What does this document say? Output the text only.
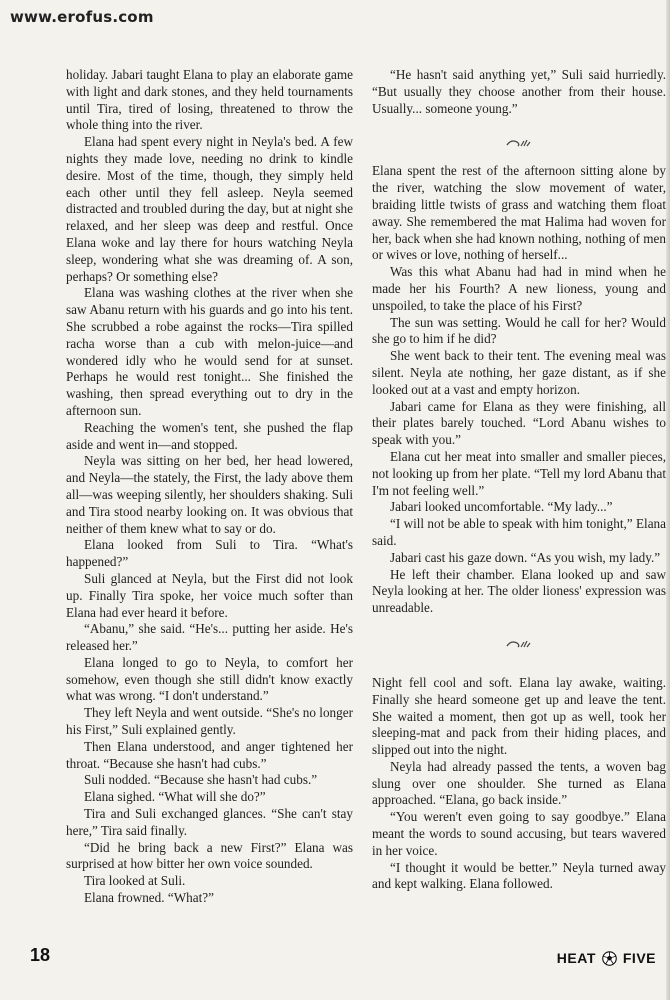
www.erofus.com

holiday. Jabari taught Elana to play an elaborate game with light and dark stones, and they held tournaments until Tira, tired of losing, threatened to throw the whole thing into the river.

Elana had spent every night in Neyla's bed. A few nights they made love, needing no drink to kindle desire. Most of the time, though, they simply held each other until they fell asleep. Neyla seemed distracted and troubled during the day, but at night she relaxed, and her sleep was deep and restful. Once Elana woke and lay there for hours watching Neyla sleep, wondering what she was dreaming of. A son, perhaps? Or something else?

Elana was washing clothes at the river when she saw Abanu return with his guards and go into his tent. She scrubbed a robe against the rocks—Tira spilled racha worse than a cub with melon-juice—and wondered idly who he would send for at sunset. Perhaps he would rest tonight... She finished the washing, then spread everything out to dry in the afternoon sun.

Reaching the women's tent, she pushed the flap aside and went in—and stopped.

Neyla was sitting on her bed, her head lowered, and Neyla—the stately, the First, the lady above them all—was weeping silently, her shoulders shaking. Suli and Tira stood nearby looking on. It was obvious that neither of them knew what to say or do.

Elana looked from Suli to Tira. “What's happened?”

Suli glanced at Neyla, but the First did not look up. Finally Tira spoke, her voice much softer than Elana had ever heard it before.

“Abanu,” she said. “He's... putting her aside. He's released her.”

Elana longed to go to Neyla, to comfort her somehow, even though she still didn't know exactly what was wrong. “I don't understand.”

They left Neyla and went outside. “She's no longer his First,” Suli explained gently.

Then Elana understood, and anger tightened her throat. “Because she hasn't had cubs.”

Suli nodded. “Because she hasn't had cubs.”

Elana sighed. “What will she do?”

Tira and Suli exchanged glances. “She can't stay here,” Tira said finally.

“Did he bring back a new First?” Elana was surprised at how bitter her own voice sounded.

Tira looked at Suli.

Elana frowned. “What?”

“He hasn't said anything yet,” Suli said hurriedly. “But usually they choose another from their house. Usually... someone young.”

Elana spent the rest of the afternoon sitting alone by the river, watching the slow movement of water, braiding little twists of grass and watching them float away. She remembered the mat Halima had woven for her, back when she had known nothing, nothing of men or wives or love, nothing of herself...

Was this what Abanu had had in mind when he made her his Fourth? A new lioness, young and unspoiled, to take the place of his First?

The sun was setting. Would he call for her? Would she go to him if he did?

She went back to their tent. The evening meal was silent. Neyla ate nothing, her gaze distant, as if she looked out at a vast and empty horizon.

Jabari came for Elana as they were finishing, all their plates barely touched. “Lord Abanu wishes to speak with you.”

Elana cut her meat into smaller and smaller pieces, not looking up from her plate. “Tell my lord Abanu that I'm not feeling well.”

Jabari looked uncomfortable. “My lady...”

“I will not be able to speak with him tonight,” Elana said.

Jabari cast his gaze down. “As you wish, my lady.”

He left their chamber. Elana looked up and saw Neyla looking at her. The older lioness' expression was unreadable.

Night fell cool and soft. Elana lay awake, waiting. Finally she heard someone get up and leave the tent. She waited a moment, then got up as well, took her sleeping-mat and pack from their hiding places, and slipped out into the night.

Neyla had already passed the tents, a woven bag slung over one shoulder. She turned as Elana approached. “Elana, go back inside.”

“You weren't even going to say goodbye.” Elana meant the words to sound accusing, but tears wavered in her voice.

“I thought it would be better.” Neyla turned away and kept walking. Elana followed.

18	HEAT FIVE
